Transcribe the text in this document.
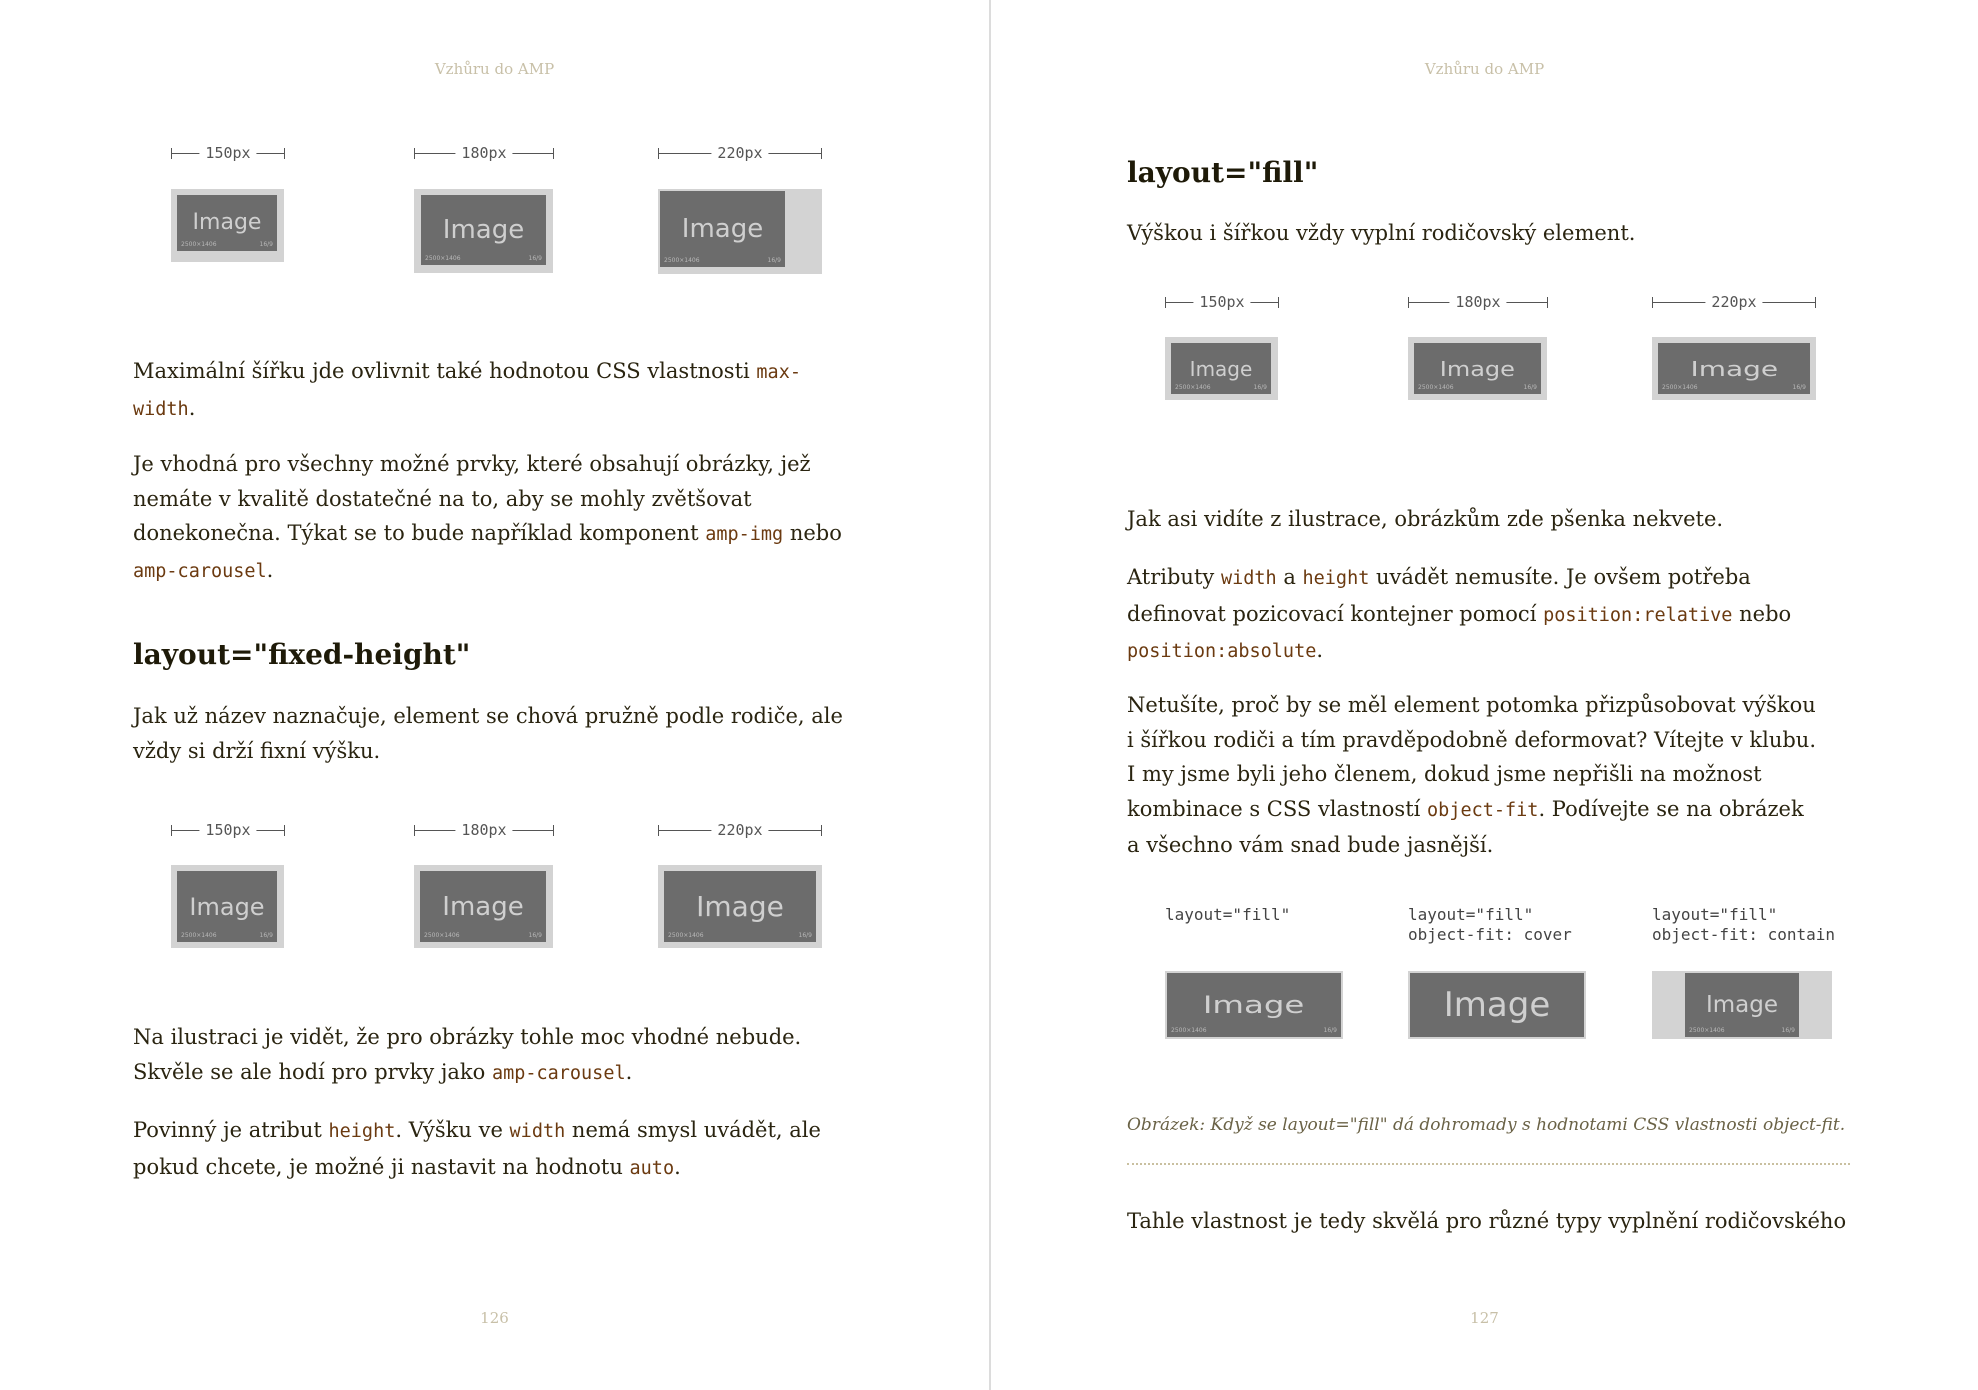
Vzhůru do AMP
150px	180px	220px
Image
2500×1406	16/9	Image
2500×1406	16/9
Image
2500×1406	16/9

Maximální šířku jde ovlivnit také hodnotou CSS vlastnosti max-
width.

Je vhodná pro všechny možné prvky, které obsahují obrázky, jež
nemáte v kvalitě dostatečné na to, aby se mohly zvětšovat
donekonečna. Týkat se to bude například komponent amp-img nebo
amp-carousel.

layout="fixed-height"

Jak už název naznačuje, element se chová pružně podle rodiče, ale
vždy si drží fixní výšku.

150px	180px	220px
Image
2500×1406	16/9
Image
2500×1406	16/9
Image
2500×1406	16/9

Na ilustraci je vidět, že pro obrázky tohle moc vhodné nebude.
Skvěle se ale hodí pro prvky jako amp-carousel.

Povinný je atribut height. Výšku ve width nemá smysl uvádět, ale
pokud chcete, je možné ji nastavit na hodnotu auto.

126
Vzhůru do AMP
layout="fill"

Výškou i šířkou vždy vyplní rodičovský element.

150px	180px	220px
Image
2500×1406	16/9
Image
2500×1406	16/9
Image
2500×1406	16/9

Jak asi vidíte z ilustrace, obrázkům zde pšenka nekvete.

Atributy width a height uvádět nemusíte. Je ovšem potřeba
definovat pozicovací kontejner pomocí position:relative nebo
position:absolute.

Netušíte, proč by se měl element potomka přizpůsobovat výškou
i šířkou rodiči a tím pravděpodobně deformovat? Vítejte v klubu.
I my jsme byli jeho členem, dokud jsme nepřišli na možnost
kombinace s CSS vlastností object-fit. Podívejte se na obrázek
a všechno vám snad bude jasnější.

layout="fill"	layout="fill"
object-fit: cover
layout="fill"
object-fit: contain
Image
2500×1406	16/9
Image	Image
2500×1406	16/9

Obrázek: Když se layout="fill" dá dohromady s hodnotami CSS vlastnosti object-fit.

Tahle vlastnost je tedy skvělá pro různé typy vyplnění rodičovského

127
